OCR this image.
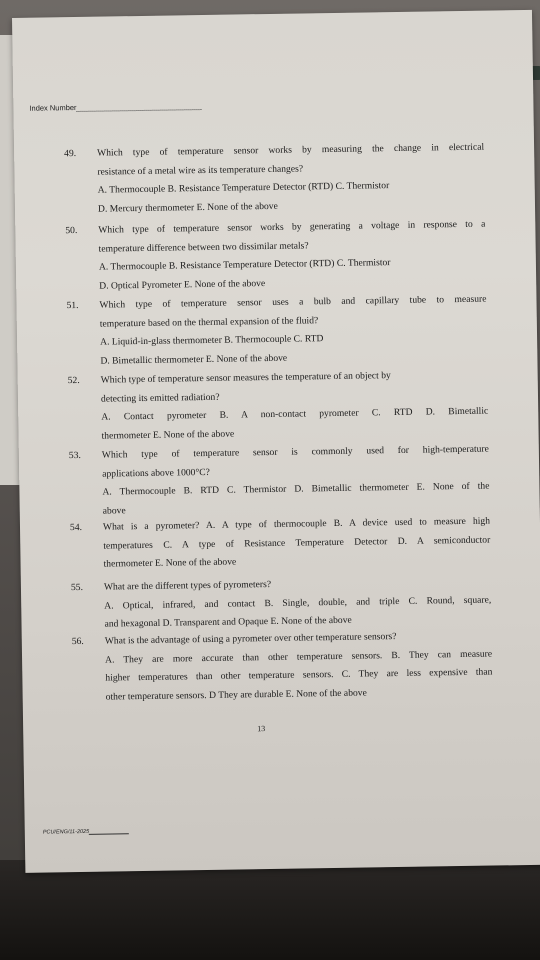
Index Number
49.	Which type of temperature sensor works by measuring the change in electrical
resistance of a metal wire as its temperature changes?
A. Thermocouple B. Resistance Temperature Detector (RTD) C. Thermistor
D. Mercury thermometer E. None of the above
50.	Which type of temperature sensor works by generating a voltage in response to a
temperature difference between two dissimilar metals?
A. Thermocouple B. Resistance Temperature Detector (RTD) C. Thermistor
D. Optical Pyrometer E. None of the above
51.	Which type of temperature sensor uses a bulb and capillary tube to measure
temperature based on the thermal expansion of the fluid?
A. Liquid-in-glass thermometer B. Thermocouple C. RTD
D. Bimetallic thermometer E. None of the above
52.	Which type of temperature sensor measures the temperature of an object by
detecting its emitted radiation?
A. Contact pyrometer B. A non-contact pyrometer C. RTD D. Bimetallic
thermometer E. None of the above
53.	Which type of temperature sensor is commonly used for high-temperature
applications above 1000°C?
A. Thermocouple B. RTD C. Thermistor D. Bimetallic thermometer E. None of the
above
54.	What is a pyrometer? A. A type of thermocouple B. A device used to measure high
temperatures C. A type of Resistance Temperature Detector D. A semiconductor
thermometer E. None of the above
55.	What are the different types of pyrometers?
A. Optical, infrared, and contact B. Single, double, and triple C. Round, square,
and hexagonal D. Transparent and Opaque E. None of the above
56.	What is the advantage of using a pyrometer over other temperature sensors?
A. They are more accurate than other temperature sensors. B. They can measure
higher temperatures than other temperature sensors. C. They are less expensive than
other temperature sensors. D They are durable E. None of the above
13
PCU/ENG/11-2025
